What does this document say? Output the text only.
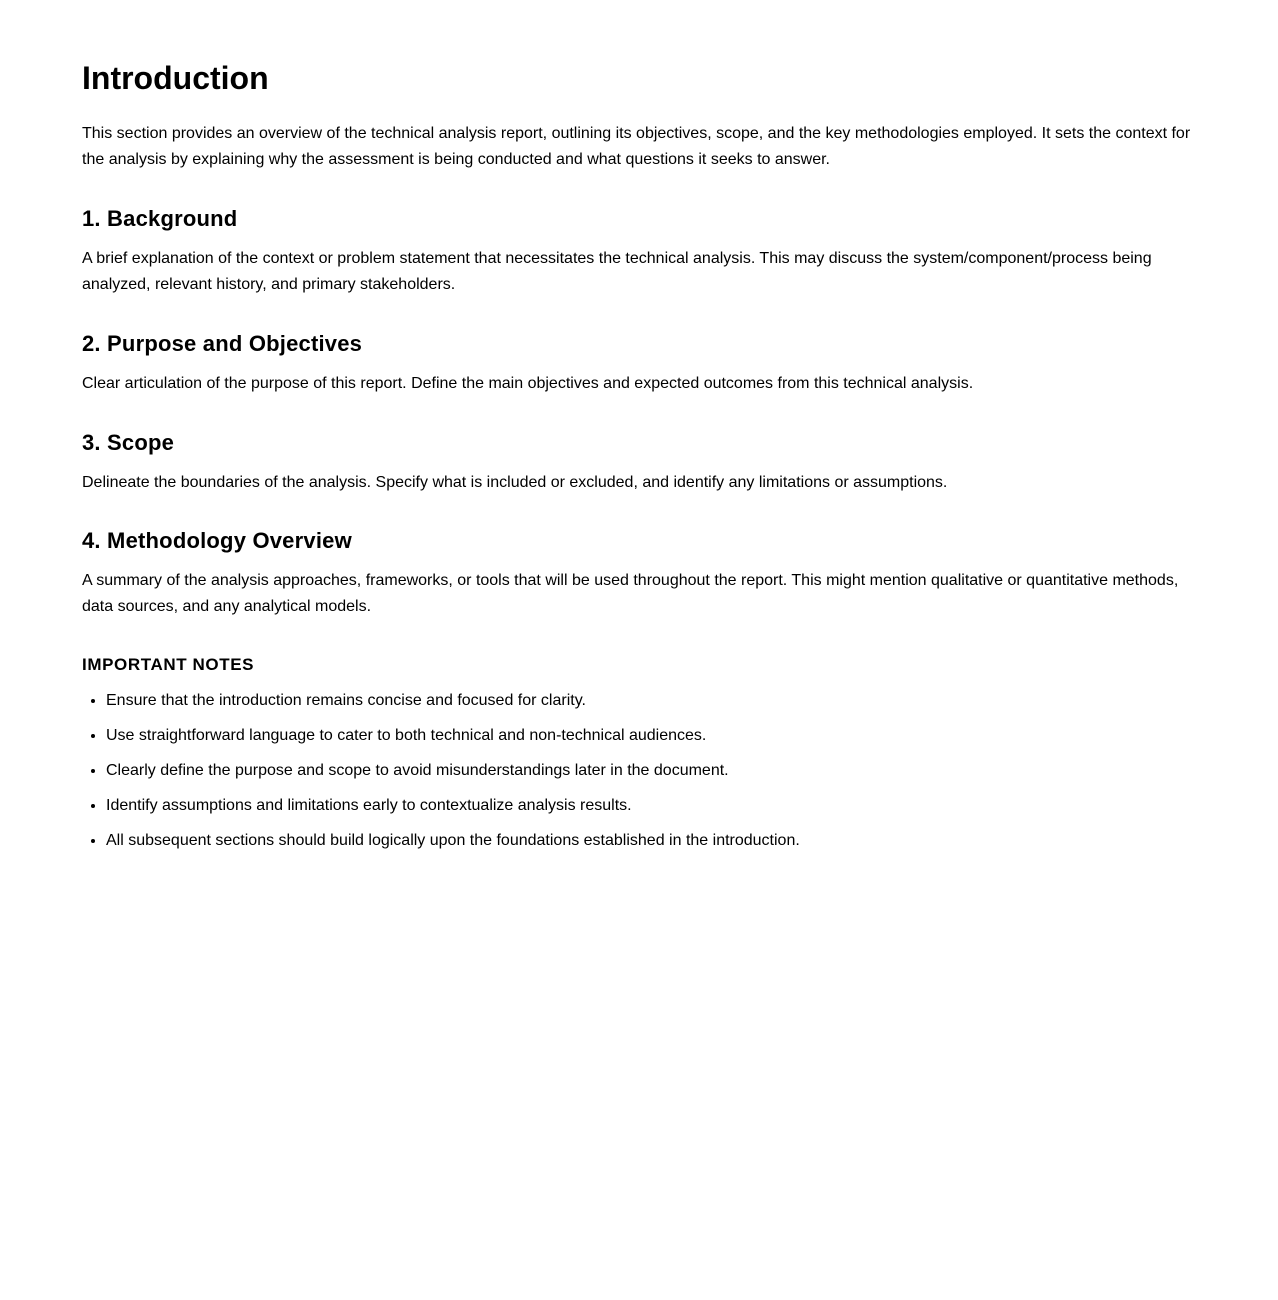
Introduction

This section provides an overview of the technical analysis report, outlining its objectives, scope, and the key methodologies employed. It sets the context for the analysis by explaining why the assessment is being conducted and what questions it seeks to answer.

1. Background

A brief explanation of the context or problem statement that necessitates the technical analysis. This may discuss the system/component/process being analyzed, relevant history, and primary stakeholders.

2. Purpose and Objectives

Clear articulation of the purpose of this report. Define the main objectives and expected outcomes from this technical analysis.

3. Scope

Delineate the boundaries of the analysis. Specify what is included or excluded, and identify any limitations or assumptions.

4. Methodology Overview

A summary of the analysis approaches, frameworks, or tools that will be used throughout the report. This might mention qualitative or quantitative methods, data sources, and any analytical models.

IMPORTANT NOTES
• Ensure that the introduction remains concise and focused for clarity.
• Use straightforward language to cater to both technical and non-technical audiences.
• Clearly define the purpose and scope to avoid misunderstandings later in the document.
• Identify assumptions and limitations early to contextualize analysis results.
• All subsequent sections should build logically upon the foundations established in the introduction.
